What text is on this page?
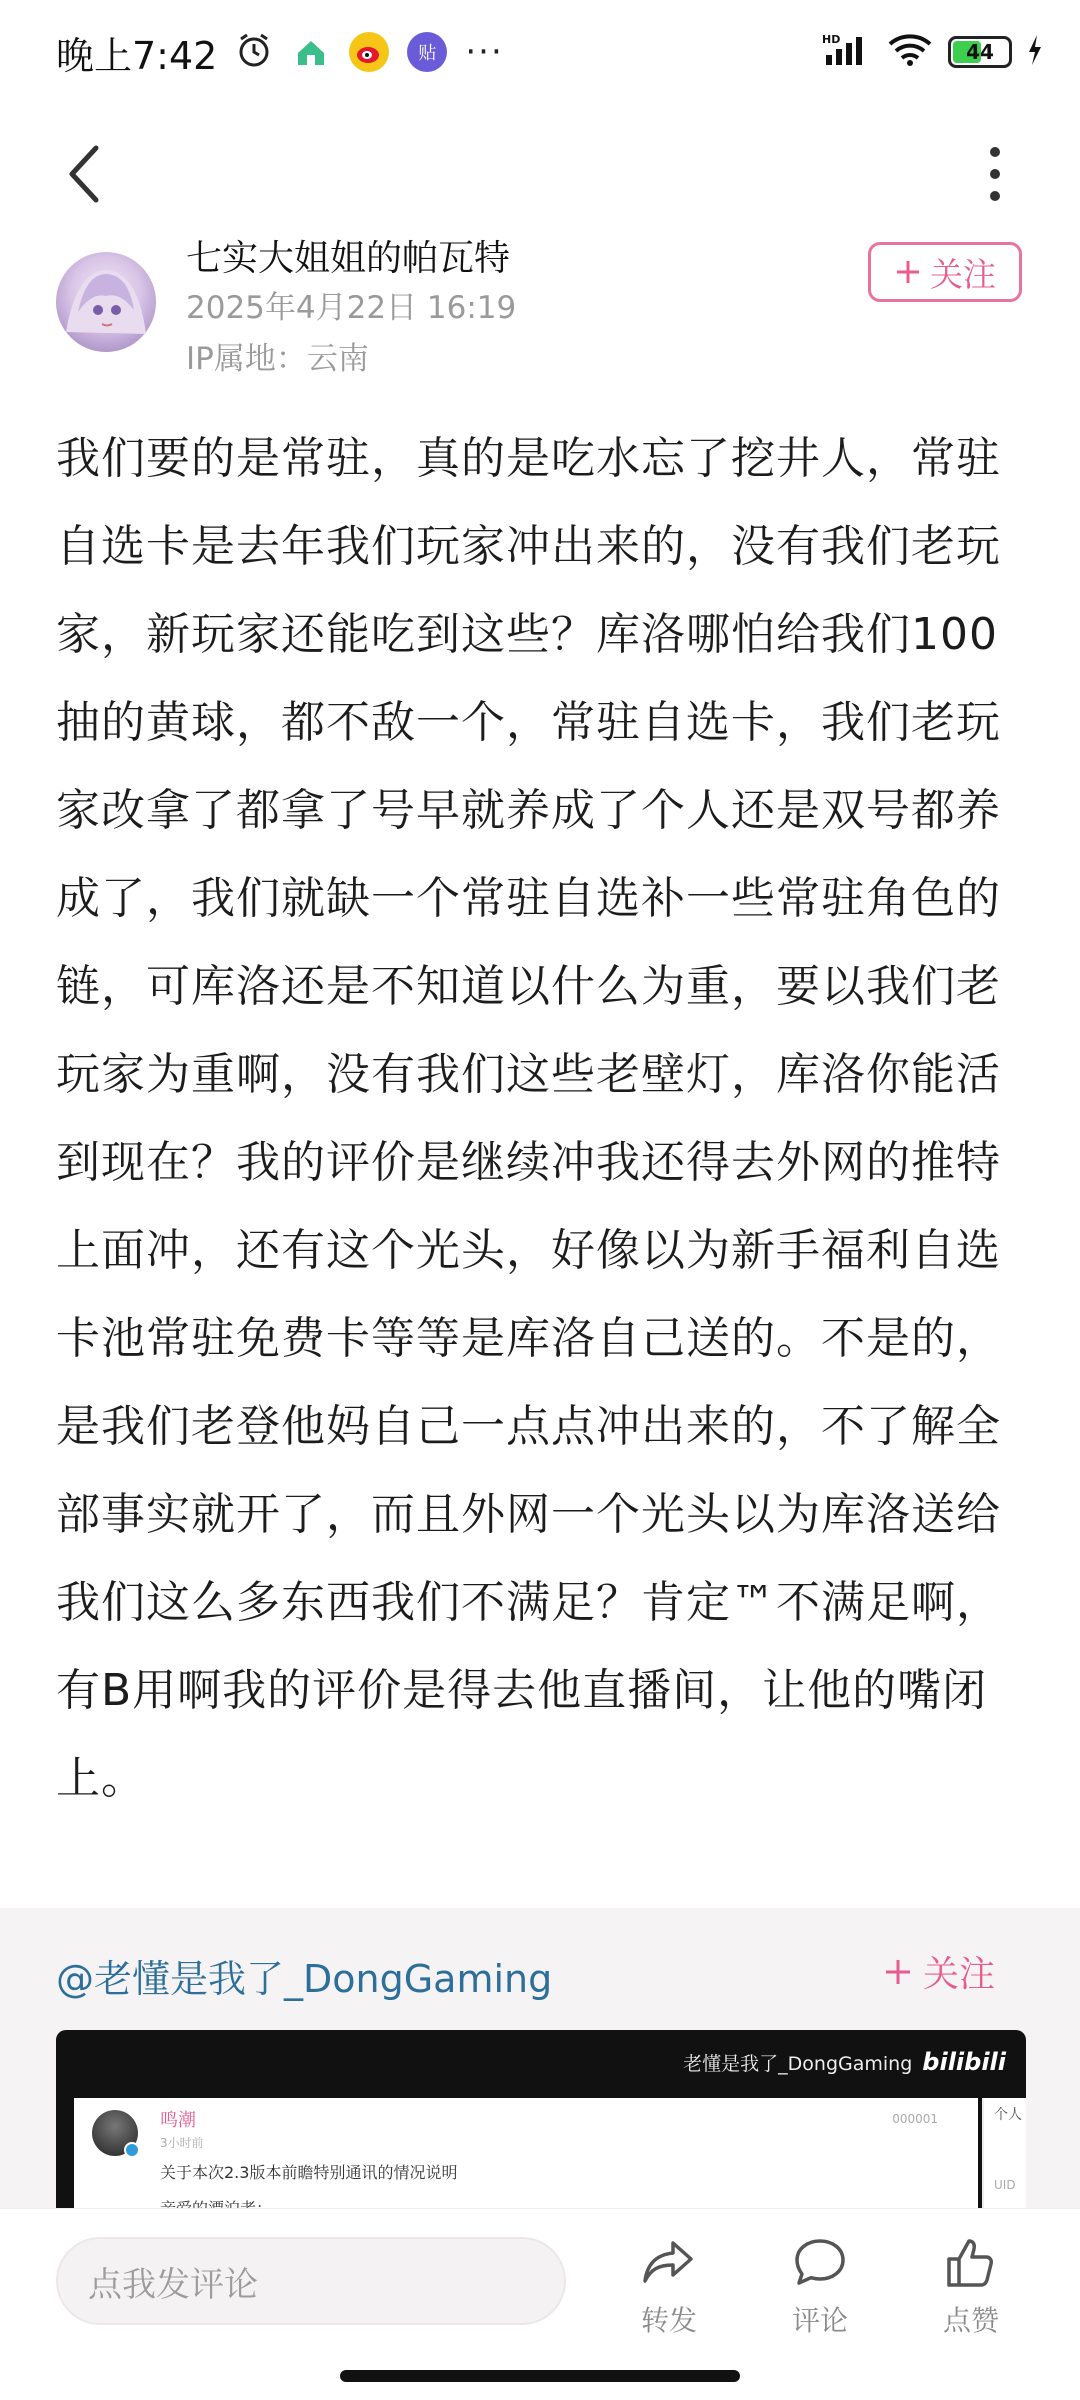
晚上7:42	贴 ···	HD
44
七实大姐姐的帕瓦特
2025年4月22日 16:19
IP属地：云南
关注
我们要的是常驻，真的是吃水忘了挖井人，常驻自选卡是去年我们玩家冲出来的，没有我们老玩家，新玩家还能吃到这些？库洛哪怕给我们100抽的黄球，都不敌一个，常驻自选卡，我们老玩家改拿了都拿了号早就养成了个人还是双号都养成了，我们就缺一个常驻自选补一些常驻角色的链，可库洛还是不知道以什么为重，要以我们老玩家为重啊，没有我们这些老壁灯，库洛你能活到现在？我的评价是继续冲我还得去外网的推特上面冲，还有这个光头，好像以为新手福利自选卡池常驻免费卡等等是库洛自己送的。不是的，是我们老登他妈自己一点点冲出来的，不了解全部事实就开了，而且外网一个光头以为库洛送给我们这么多东西我们不满足？肯定™不满足啊，有B用啊我的评价是得去他直播间，让他的嘴闭上。
@老懂是我了_DongGaming	关注
老懂是我了_DongGaming bilibili
鸣潮
3小时前
关于本次2.3版本前瞻特别通讯的情况说明
000001	个人
UID
点我发评论
转发	评论	点赞
